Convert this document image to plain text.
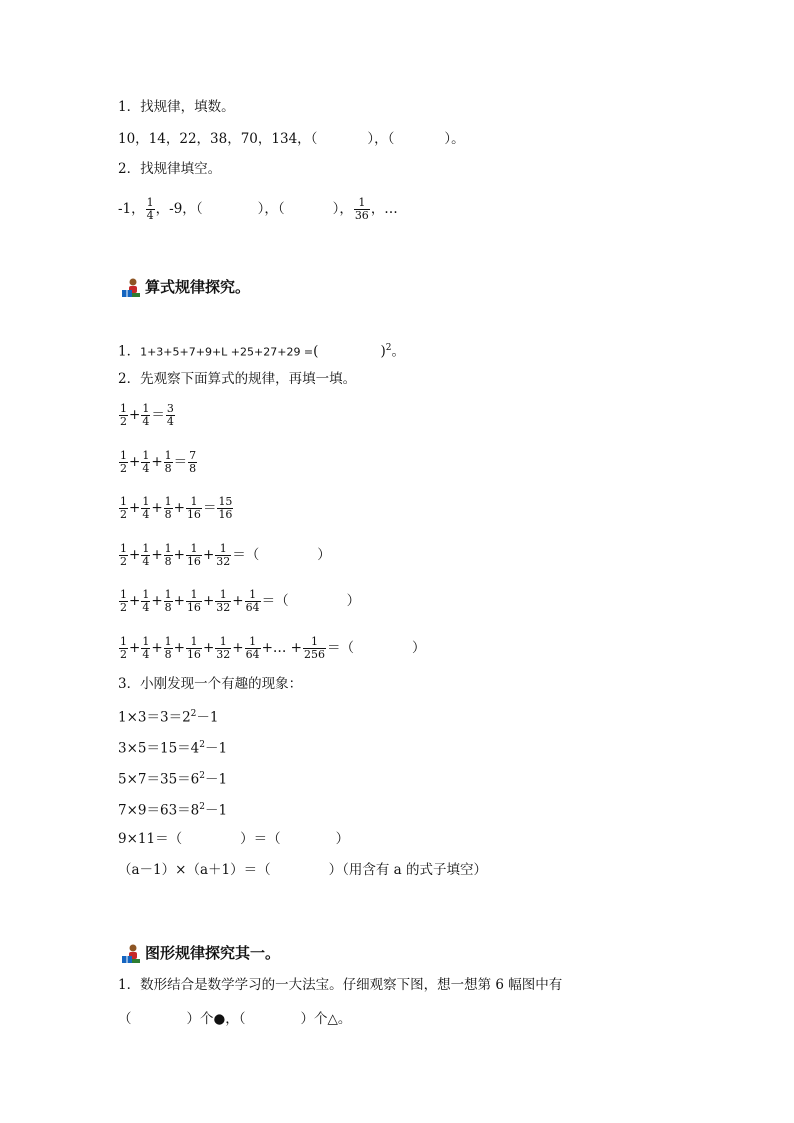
1．找规律，填数。
10，14，22，38，70，134，（	），（	）。
2．找规律填空。
-1， $\frac{1}{4}$ ，-9，（	），（	）， $\frac{1}{36}$ ，…
算式规律探究。
1．1+3+5+7+9+L +25+27+29 =(	)$^2$。
2．先观察下面算式的规律，再填一填。
$\frac{1}{2} + \frac{1}{4} = \frac{3}{4}$
$\frac{1}{2} + \frac{1}{4} + \frac{1}{8} = \frac{7}{8}$
$\frac{1}{2} + \frac{1}{4} + \frac{1}{8} + \frac{1}{16} = \frac{15}{16}$
$\frac{1}{2} + \frac{1}{4} + \frac{1}{8} + \frac{1}{16} + \frac{1}{32}$ ＝（	）
$\frac{1}{2} + \frac{1}{4} + \frac{1}{8} + \frac{1}{16} + \frac{1}{32} + \frac{1}{64}$ ＝（	）
$\frac{1}{2} + \frac{1}{4} + \frac{1}{8} + \frac{1}{16} + \frac{1}{32} + \frac{1}{64}$ +… + $\frac{1}{256}$ ＝（	）
3．小刚发现一个有趣的现象：
$1\times 3=3=2^2-1$
$3\times 5=15=4^2-1$
$5\times 7=35=6^2-1$
$7\times 9=63=8^2-1$
9×11＝（	）＝（	）
（a－1）×（a＋1）＝（	）（用含有 a 的式子填空）
图形规律探究其一。
1．数形结合是数学学习的一大法宝。仔细观察下图，想一想第 6 幅图中有
（	）个●，（	）个△。
